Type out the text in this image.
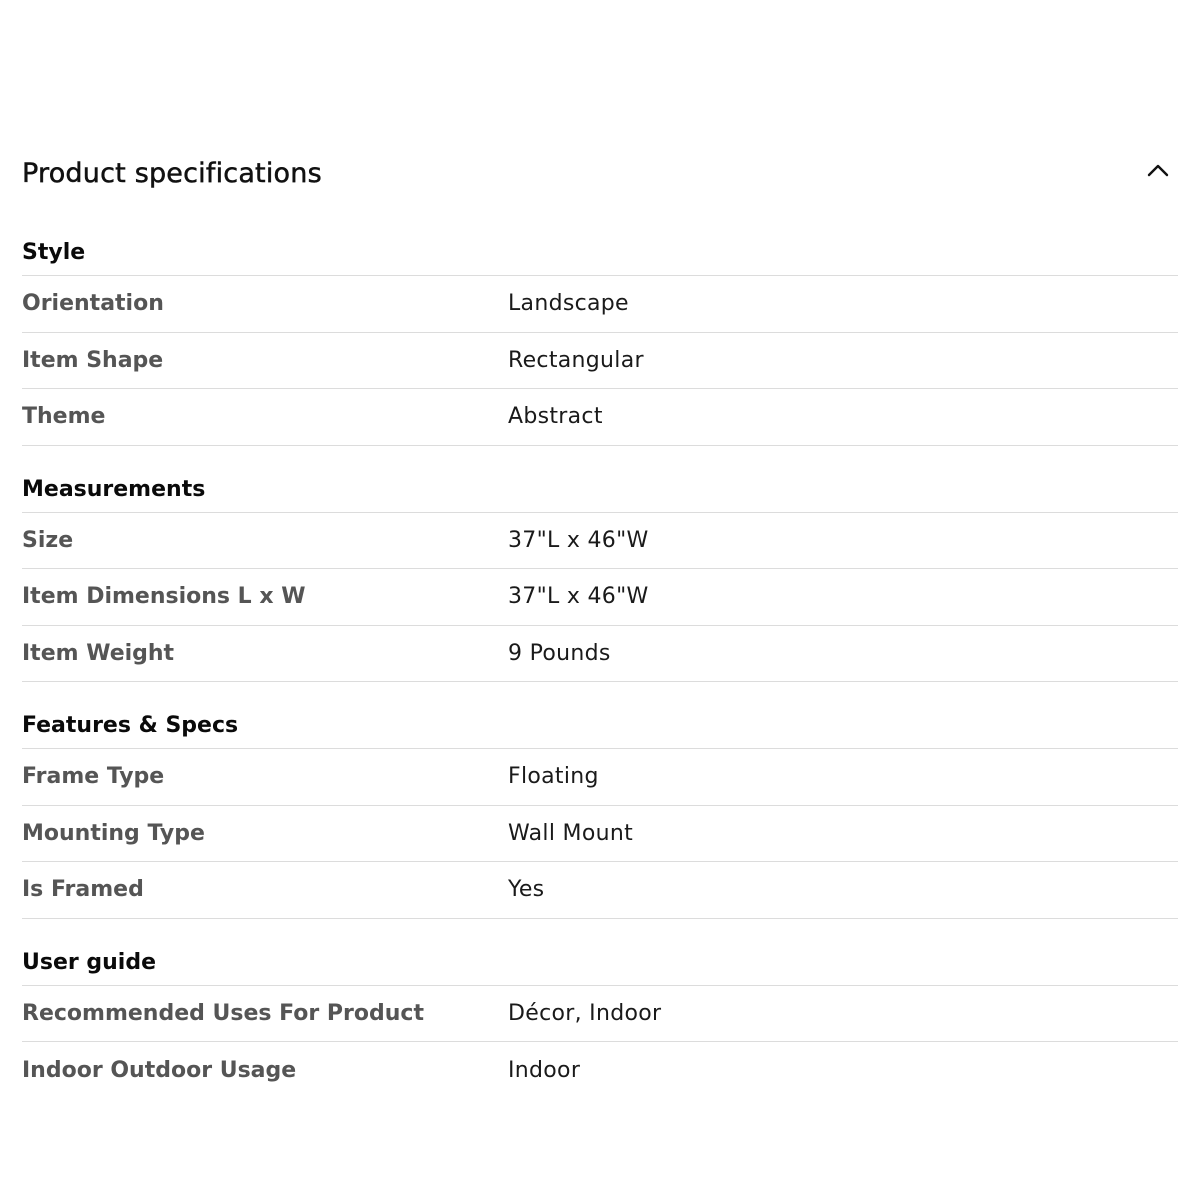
Product specifications
Style
Orientation	Landscape
Item Shape	Rectangular
Theme	Abstract
Measurements
Size	37"L x 46"W
Item Dimensions L x W	37"L x 46"W
Item Weight	9 Pounds
Features & Specs
Frame Type	Floating
Mounting Type	Wall Mount
Is Framed	Yes
User guide
Recommended Uses For Product	Décor, Indoor
Indoor Outdoor Usage	Indoor
